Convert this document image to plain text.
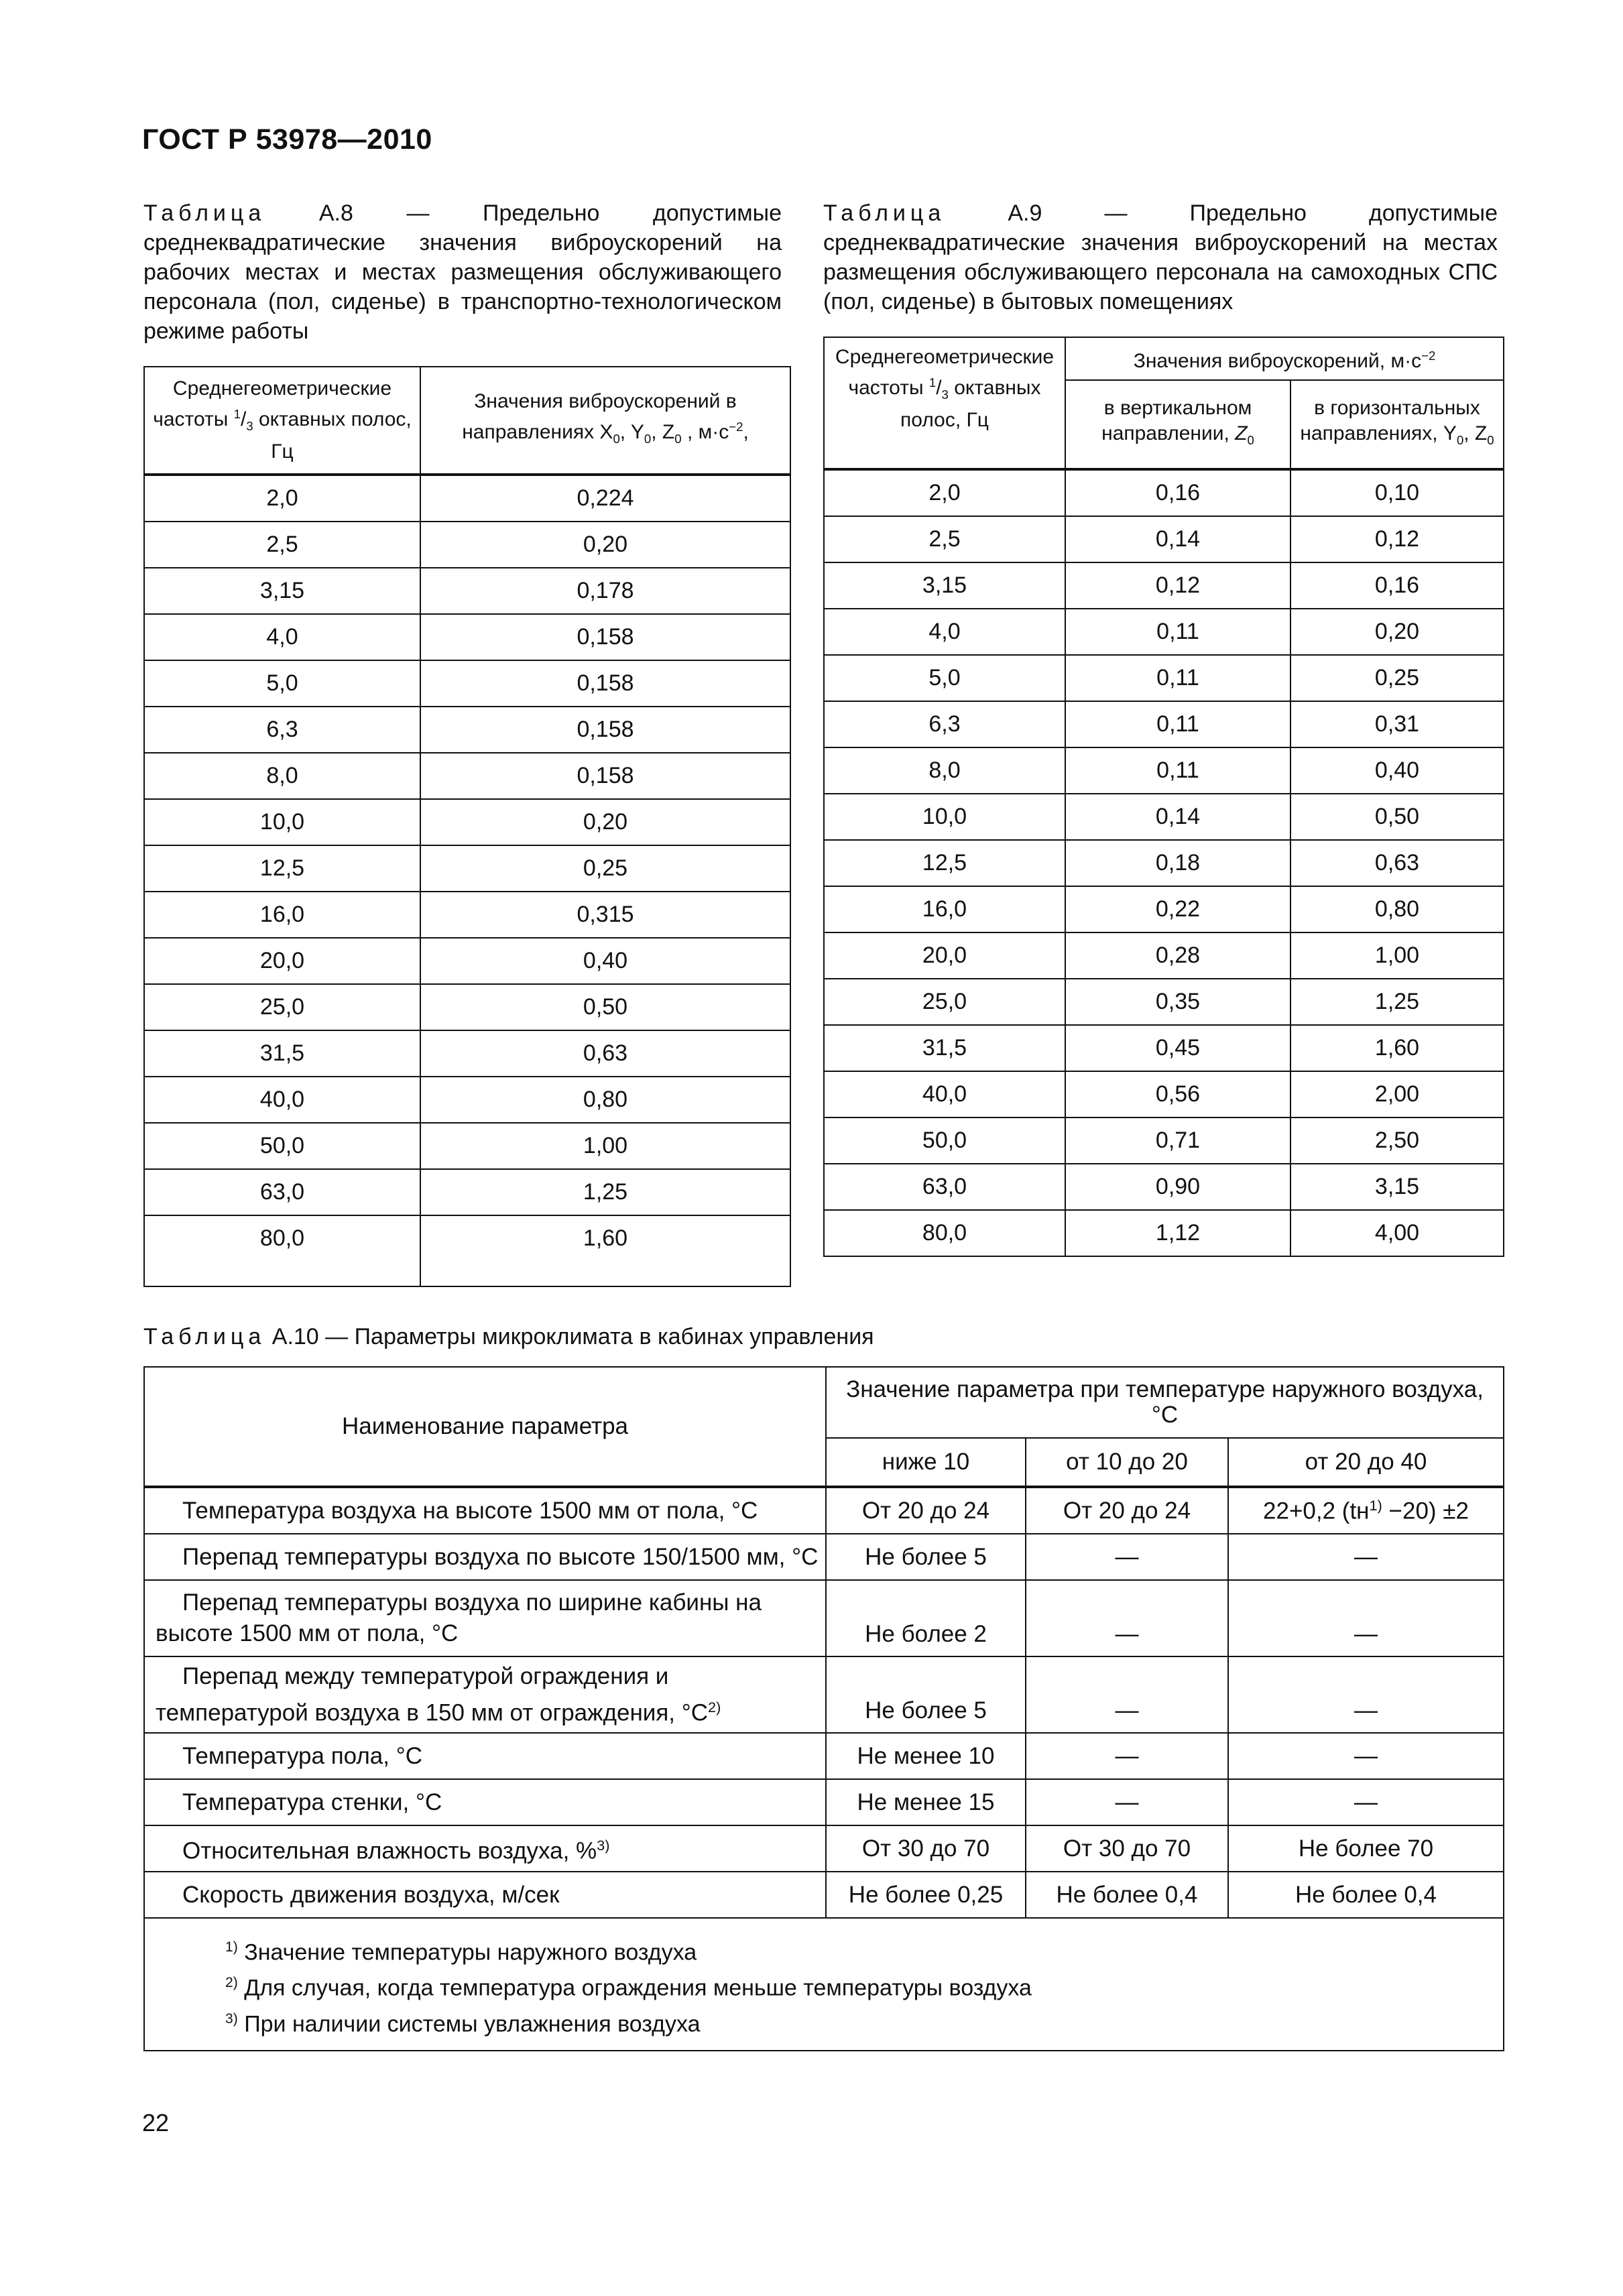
ГОСТ Р 53978—2010
Таблица А.8 — Предельно допустимые среднеквадратические значения виброускорений на рабочих местах и местах размещения обслуживающего персонала (пол, сиденье) в транспортно-технологическом режиме работы
Среднегеометрические частоты $^1/_3$ октавных полос, Гц	Значения виброускорений в направлениях $X_0$, $Y_0$, $Z_0$ , $м\cdot с^{-2}$,

2,0	0,224
2,5	0,20
3,15	0,178
4,0	0,158
5,0	0,158
6,3	0,158
8,0	0,158
10,0	0,20
12,5	0,25
16,0	0,315
20,0	0,40
25,0	0,50
31,5	0,63
40,0	0,80
50,0	1,00
63,0	1,25
80,0	1,60
Таблица	А.9 — Предельно допустимые среднеквадратические значения виброускорений на местах размещения обслуживающего персонала на самоходных СПС (пол, сиденье) в бытовых помещениях
Среднегеометрические частоты $^1/_3$ октавных полос, Гц	Значения виброускорений, $м\cdot с^{-2}$
	в вертикальном направлении, $Z_0$	в горизонтальных направлениях, $Y_0$, $Z_0$

2,0	0,16	0,10
2,5	0,14	0,12
3,15	0,12	0,16
4,0	0,11	0,20
5,0	0,11	0,25
6,3	0,11	0,31
8,0	0,11	0,40
10,0	0,14	0,50
12,5	0,18	0,63
16,0	0,22	0,80
20,0	0,28	1,00
25,0	0,35	1,25
31,5	0,45	1,60
40,0	0,56	2,00
50,0	0,71	2,50
63,0	0,90	3,15
80,0	1,12	4,00
Таблица А.10 — Параметры микроклимата в кабинах управления
Наименование параметра	Значение параметра при температуре наружного воздуха, °С		
	ниже 10	от 10 до 20	от 20 до 40

Температура воздуха на высоте 1500 мм от пола, °С	От 20 до 24	От 20 до 24	22+0,2 $(tн^{1)} -20) \pm 2$

Перепад температуры воздуха по высоте 150/1500 мм, °С	Не более 5	—	—

Перепад температуры воздуха по ширине кабины на высоте 1500 мм от пола, °С	Не более 2	—	—

Перепад между температурой ограждения и температурой воздуха в 150 мм от ограждения, $^\circ С^{2)}$	Не более 5	—	—

Температура пола, °С	Не менее 10	—	—

Температура стенки, °С	Не менее 15	—	—

Относительная влажность воздуха, %$^{3)}$	От 30 до 70	От 30 до 70	Не более 70

Скорость движения воздуха, м/сек	Не более 0,25	Не более 0,4	Не более 0,4

$^{1)}$ Значение температуры наружного воздуха
$^{2)}$ Для случая, когда температура ограждения меньше температуры воздуха
$^{3)}$ При наличии системы увлажнения воздуха			
22
